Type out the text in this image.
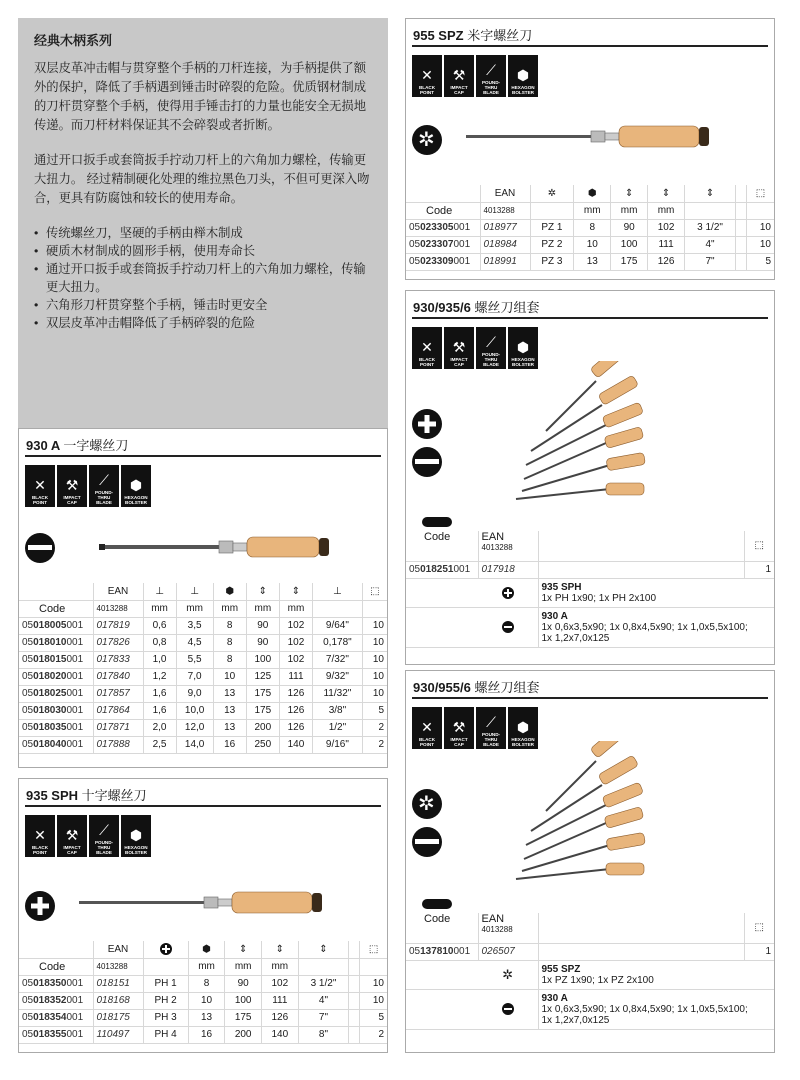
经典木柄系列

双层皮革冲击帽与贯穿整个手柄的刀杆连接，为手柄提供了额外的保护，降低了手柄遇到锤击时碎裂的危险。优质钢材制成的刀杆贯穿整个手柄，使得用手锤击打的力量也能安全无损地传递。而刀杆材料保证其不会碎裂或者折断。

通过开口扳手或套筒扳手拧动刀杆上的六角加力螺栓，传输更大扭力。 经过精制硬化处理的维拉黑色刀头，不但可更深入吻合，更具有防腐蚀和较长的使用寿命。

• 传统螺丝刀，坚硬的手柄由榉木制成
• 硬质木材制成的圆形手柄，使用寿命长
• 通过开口扳手或套筒扳手拧动刀杆上的六角加力螺栓，传输更大扭力。
• 六角形刀杆贯穿整个手柄，锤击时更安全
• 双层皮革冲击帽降低了手柄碎裂的危险
930 A 一字螺丝刀
✕
BLACK
POINT
⚒
IMPACT
CAP
⟋
POUND-THRU
BLADE
⬢
HEXAGON
BOLSTER
	EAN	⊥	⊥	⬢	⇕	⇕	⊥	⬚
Code	4013288	mm	mm	mm	mm	mm		
05018005001	017819	0,6	3,5	8	90	102	9/64"	10
05018010001	017826	0,8	4,5	8	90	102	0,178"	10
05018015001	017833	1,0	5,5	8	100	102	7/32"	10
05018020001	017840	1,2	7,0	10	125	111	9/32"	10
05018025001	017857	1,6	9,0	13	175	126	11/32"	10
05018030001	017864	1,6	10,0	13	175	126	3/8"	5
05018035001	017871	2,0	12,0	13	200	126	1/2"	2
05018040001	017888	2,5	14,0	16	250	140	9/16"	2
935 SPH 十字螺丝刀
✕
BLACK
POINT
⚒
IMPACT
CAP
⟋
POUND-THRU
BLADE
⬢
HEXAGON
BOLSTER
	EAN		⬢	⇕	⇕	⇕		⬚
Code	4013288		mm	mm	mm			
05018350001	018151	PH 1	8	90	102	3 1/2"		10
05018352001	018168	PH 2	10	100	111	4"		10
05018354001	018175	PH 3	13	175	126	7"		5
05018355001	110497	PH 4	16	200	140	8"		2
955 SPZ 米字螺丝刀
✕
BLACK
POINT
⚒
IMPACT
CAP
⟋
POUND-THRU
BLADE
⬢
HEXAGON
BOLSTER
✲
	EAN	✲	⬢	⇕	⇕	⇕		⬚
Code	4013288		mm	mm	mm			
05023305001	018977	PZ 1	8	90	102	3 1/2"		10
05023307001	018984	PZ 2	10	100	111	4"		10
05023309001	018991	PZ 3	13	175	126	7"		5
930/935/6 螺丝刀组套
✕
BLACK
POINT
⚒
IMPACT
CAP
⟋
POUND-THRU
BLADE
⬢
HEXAGON
BOLSTER
Code	EAN
4013288		⬚
05018251001	017918		1
		935 SPH
1x PH 1x90; 1x PH 2x100	
		930 A
1x 0,6x3,5x90; 1x 0,8x4,5x90; 1x 1,0x5,5x100;
1x 1,2x7,0x125	
930/955/6 螺丝刀组套
✕
BLACK
POINT
⚒
IMPACT
CAP
⟋
POUND-THRU
BLADE
⬢
HEXAGON
BOLSTER
✲
Code	EAN
4013288		⬚
05137810001	026507		1
	✲	955 SPZ
1x PZ 1x90; 1x PZ 2x100	
		930 A
1x 0,6x3,5x90; 1x 0,8x4,5x90; 1x 1,0x5,5x100;
1x 1,2x7,0x125	
